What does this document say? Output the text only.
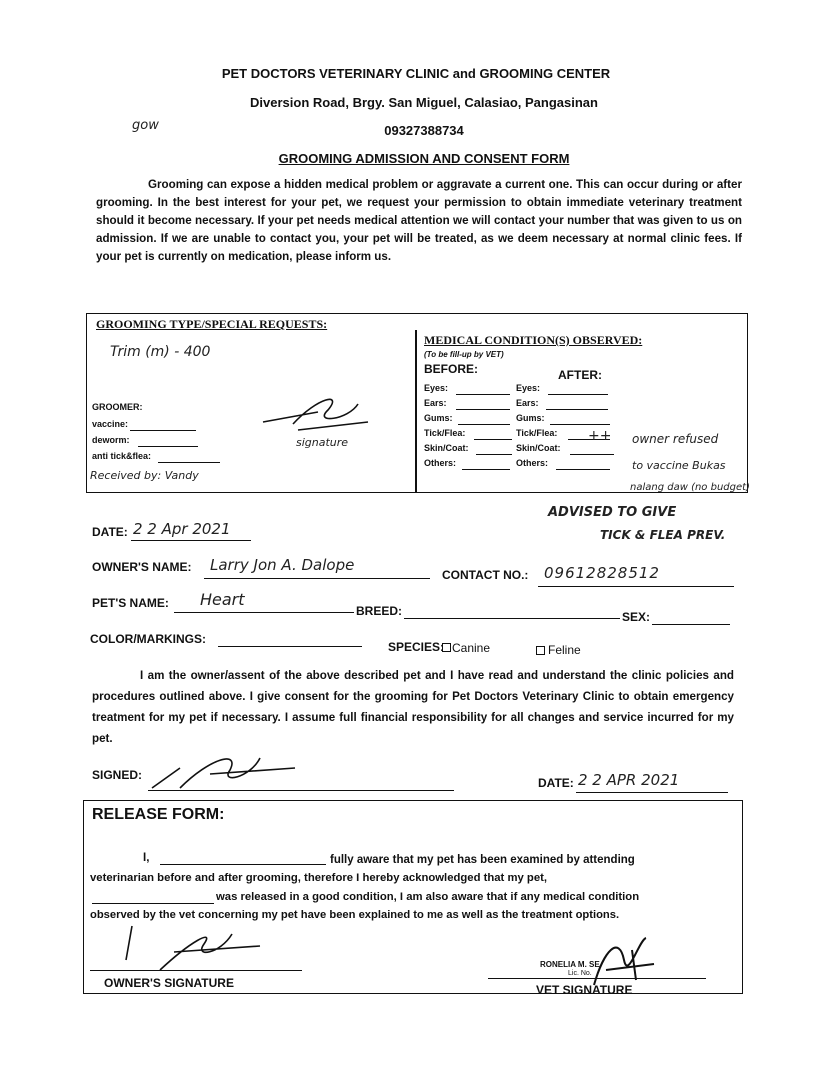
PET DOCTORS VETERINARY CLINIC and GROOMING CENTER
Diversion Road, Brgy. San Miguel, Calasiao, Pangasinan
09327388734
gow
GROOMING ADMISSION AND CONSENT FORM
Grooming can expose a hidden medical problem or aggravate a current one. This can occur during or after grooming. In the best interest for your pet, we request your permission to obtain immediate veterinary treatment should it become necessary. If your pet needs medical attention we will contact your number that was given to us on admission. If we are unable to contact you, your pet will be treated, as we deem necessary at normal clinic fees. If your pet is currently on medication, please inform us.
GROOMING TYPE/SPECIAL REQUESTS:
Trim (m) - 400
GROOMER:
vaccine:
deworm:
anti tick&flea:
Received by: Vandy
signature
MEDICAL CONDITION(S) OBSERVED:
(To be fill-up by VET)
BEFORE:	AFTER:
Eyes:	Eyes:
Ears:	Ears:
Gums:	Gums:
Tick/Flea:	Tick/Flea:
Skin/Coat:	Skin/Coat:
Others:	Others:
++ owner refused
to vaccine Bukas
nalang daw (no budget)
ADVISED TO GIVE
TICK & FLEA PREV.
DATE: 2 2 Apr 2021
OWNER'S NAME: Larry Jon A. Dalope
CONTACT NO.: 09612828512
PET'S NAME: Heart
BREED:	SEX:
COLOR/MARKINGS:
SPECIES: Canine	Feline
I am the owner/assent of the above described pet and I have read and understand the clinic policies and procedures outlined above. I give consent for the grooming for Pet Doctors Veterinary Clinic to obtain emergency treatment for my pet if necessary. I assume full financial responsibility for all changes and service incurred for my pet.
SIGNED:
DATE: 2 2 APR 2021
RELEASE FORM:
I,	fully aware that my pet has been examined by attending
veterinarian before and after grooming, therefore I hereby acknowledged that my pet,
was released in a good condition, I am also aware that if any medical condition
observed by the vet concerning my pet have been explained to me as well as the treatment options.
OWNER'S SIGNATURE
RONELIA M. SE
Lic. No.
VET SIGNATURE
